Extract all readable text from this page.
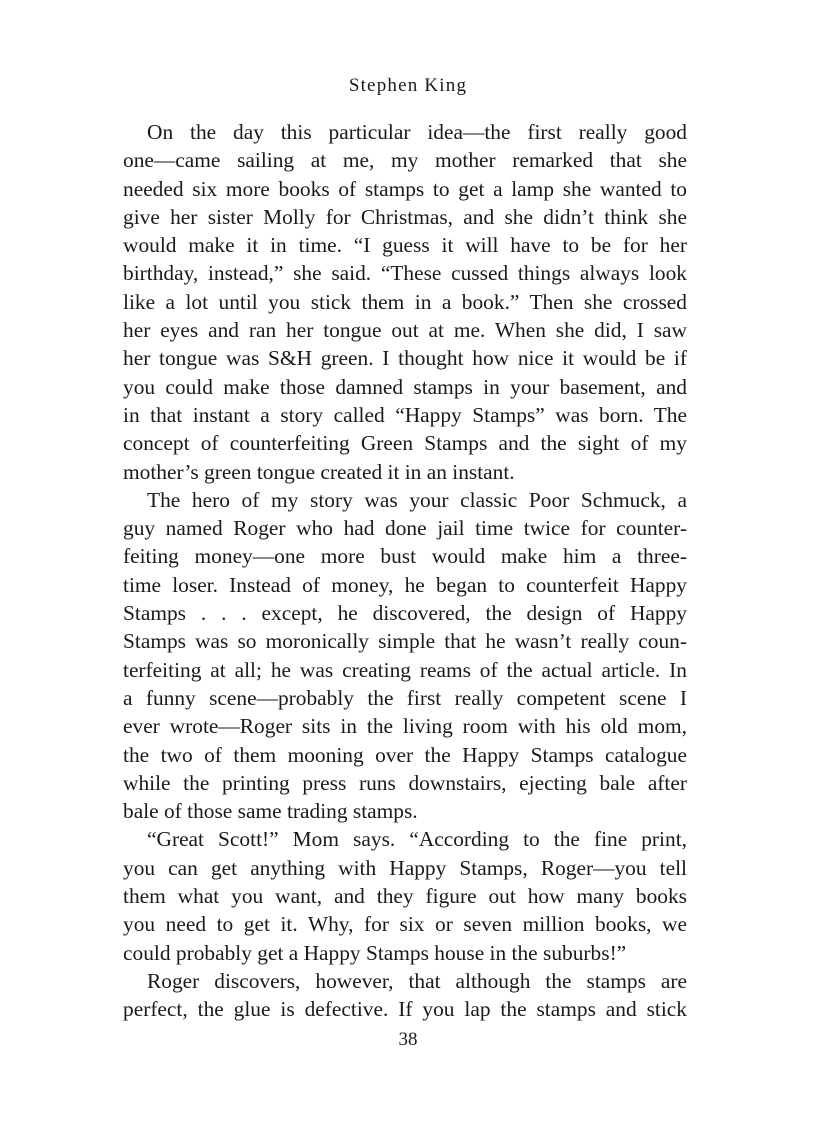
Stephen King
On the day this particular idea—the first really good
one—came sailing at me, my mother remarked that she
needed six more books of stamps to get a lamp she wanted to
give her sister Molly for Christmas, and she didn’t think she
would make it in time. “I guess it will have to be for her
birthday, instead,” she said. “These cussed things always look
like a lot until you stick them in a book.” Then she crossed
her eyes and ran her tongue out at me. When she did, I saw
her tongue was S&H green. I thought how nice it would be if
you could make those damned stamps in your basement, and
in that instant a story called “Happy Stamps” was born. The
concept of counterfeiting Green Stamps and the sight of my
mother’s green tongue created it in an instant.
The hero of my story was your classic Poor Schmuck, a
guy named Roger who had done jail time twice for counter-
feiting money—one more bust would make him a three-
time loser. Instead of money, he began to counterfeit Happy
Stamps . . . except, he discovered, the design of Happy
Stamps was so moronically simple that he wasn’t really coun-
terfeiting at all; he was creating reams of the actual article. In
a funny scene—probably the first really competent scene I
ever wrote—Roger sits in the living room with his old mom,
the two of them mooning over the Happy Stamps catalogue
while the printing press runs downstairs, ejecting bale after
bale of those same trading stamps.
“Great Scott!” Mom says. “According to the fine print,
you can get anything with Happy Stamps, Roger—you tell
them what you want, and they figure out how many books
you need to get it. Why, for six or seven million books, we
could probably get a Happy Stamps house in the suburbs!”
Roger discovers, however, that although the stamps are
perfect, the glue is defective. If you lap the stamps and stick
38
